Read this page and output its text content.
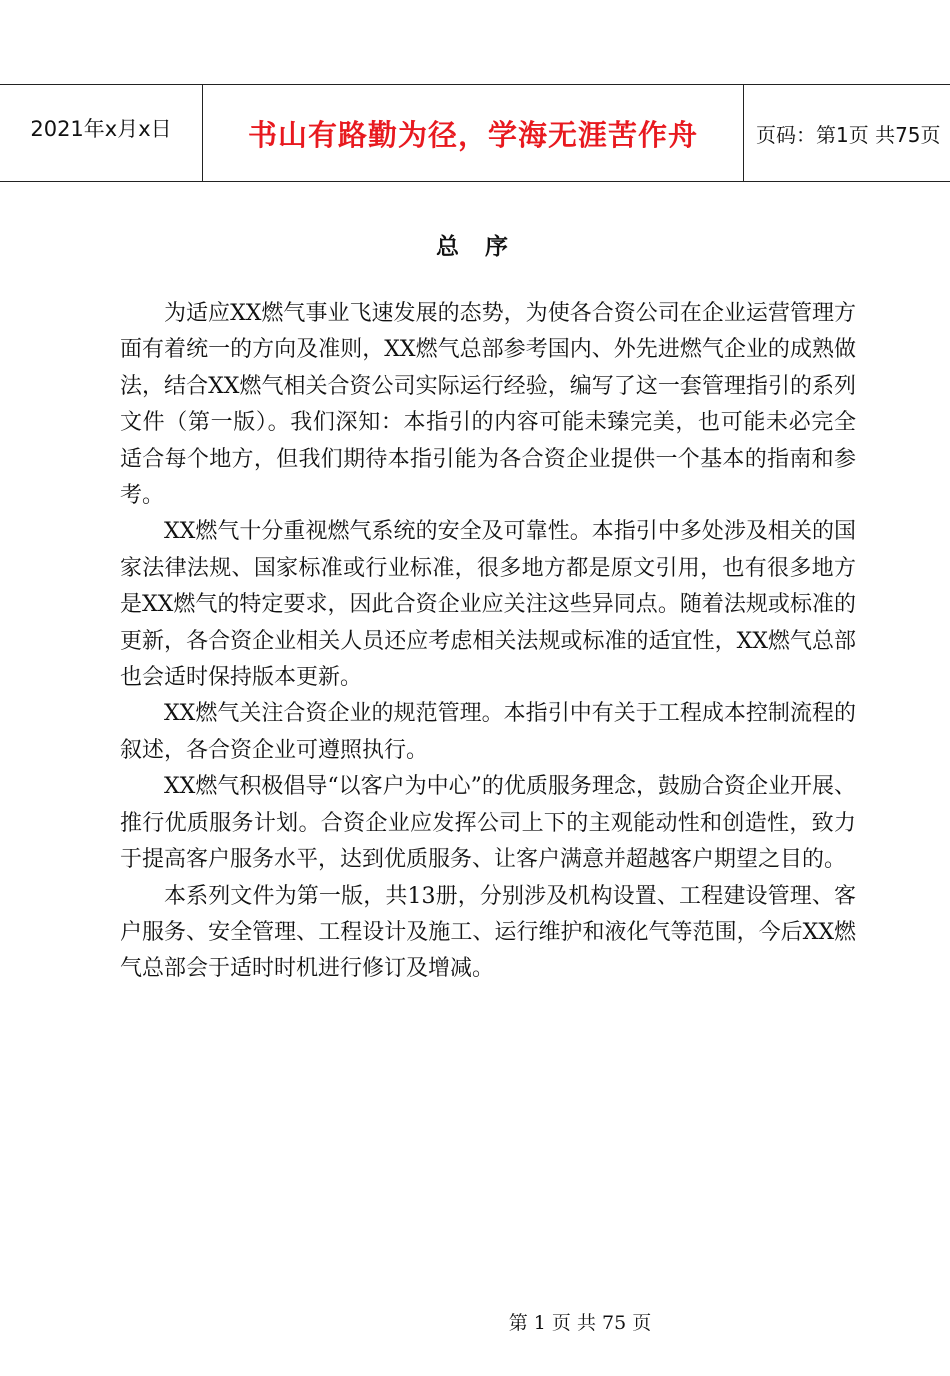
2021年x月x日	书山有路勤为径，学海无涯苦作舟	页码：第1页 共75页
总序

为适应XX燃气事业飞速发展的态势，为使各合资公司在企业运营管理方面有着统一的方向及准则，XX燃气总部参考国内、外先进燃气企业的成熟做法，结合XX燃气相关合资公司实际运行经验，编写了这一套管理指引的系列文件（第一版）。我们深知：本指引的内容可能未臻完美，也可能未必完全适合每个地方，但我们期待本指引能为各合资企业提供一个基本的指南和参考。

XX燃气十分重视燃气系统的安全及可靠性。本指引中多处涉及相关的国家法律法规、国家标准或行业标准，很多地方都是原文引用，也有很多地方是XX燃气的特定要求，因此合资企业应关注这些异同点。随着法规或标准的更新，各合资企业相关人员还应考虑相关法规或标准的适宜性，XX燃气总部也会适时保持版本更新。

XX燃气关注合资企业的规范管理。本指引中有关于工程成本控制流程的叙述，各合资企业可遵照执行。

XX燃气积极倡导“以客户为中心”的优质服务理念，鼓励合资企业开展、推行优质服务计划。合资企业应发挥公司上下的主观能动性和创造性，致力于提高客户服务水平，达到优质服务、让客户满意并超越客户期望之目的。

本系列文件为第一版，共13册，分别涉及机构设置、工程建设管理、客户服务、安全管理、工程设计及施工、运行维护和液化气等范围，今后XX燃气总部会于适时时机进行修订及增减。

第 1 页 共 75 页
